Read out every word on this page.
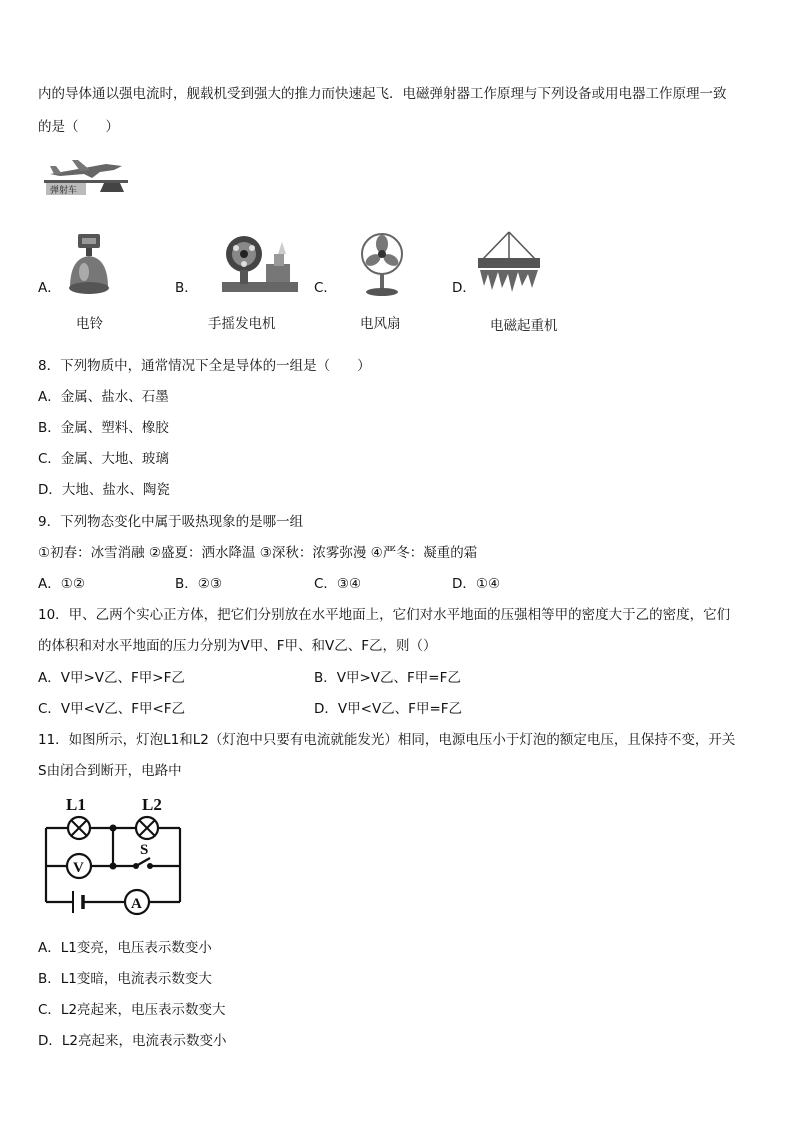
内的导体通以强电流时，舰载机受到强大的推力而快速起飞．电磁弹射器工作原理与下列设备或用电器工作原理一致
的是（　　）
弹射车
A．
电铃
B．
手摇发电机
C．
电风扇
D．
电磁起重机
8．下列物质中，通常情况下全是导体的一组是（　　）
A．金属、盐水、石墨
B．金属、塑料、橡胶
C．金属、大地、玻璃
D．大地、盐水、陶瓷
9．下列物态变化中属于吸热现象的是哪一组
①初春：冰雪消融 ②盛夏：洒水降温 ③深秋：浓雾弥漫 ④严冬：凝重的霜
A．①②	B．②③	C．③④	D．①④
10．甲、乙两个实心正方体，把它们分别放在水平地面上，它们对水平地面的压强相等甲的密度大于乙的密度，它们
的体积和对水平地面的压力分别为V甲、F甲、和V乙、F乙，则（）
A．V甲>V乙、F甲>F乙	B．V甲>V乙、F甲=F乙
C．V甲<V乙、F甲<F乙	D．V甲<V乙、F甲=F乙
11．如图所示，灯泡L1和L2（灯泡中只要有电流就能发光）相同，电源电压小于灯泡的额定电压，且保持不变，开关
S由闭合到断开，电路中
L1	L2
V
S
A
A．L1变亮，电压表示数变小
B．L1变暗，电流表示数变大
C．L2亮起来，电压表示数变大
D．L2亮起来，电流表示数变小
